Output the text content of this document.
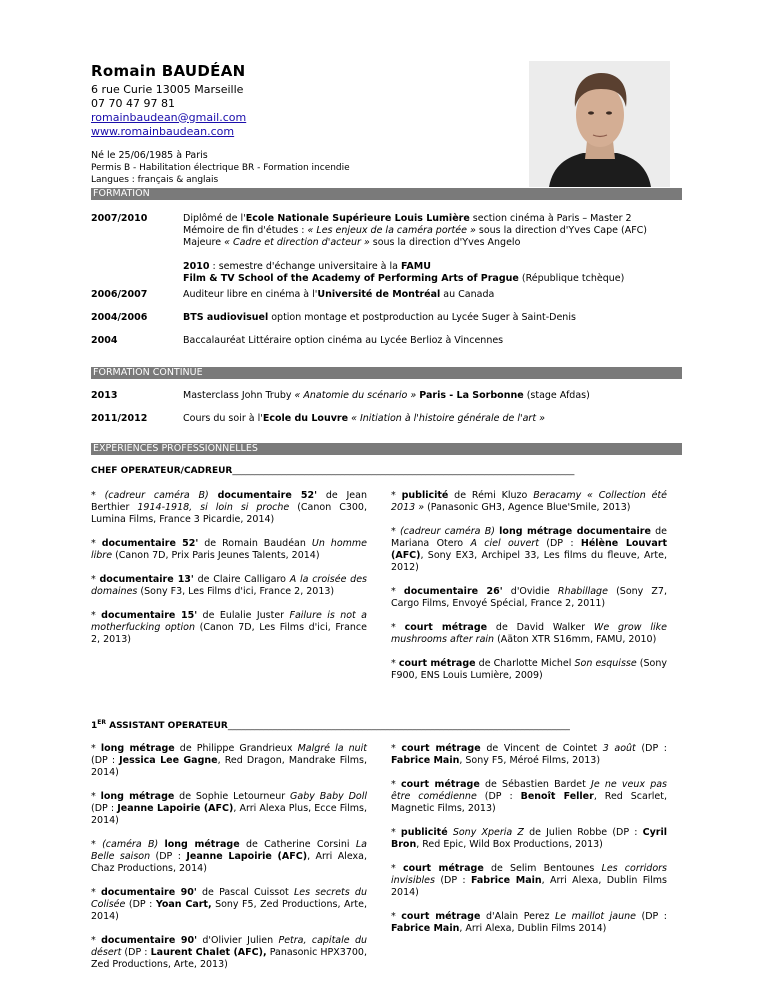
Romain BAUDÉAN
6 rue Curie 13005 Marseille
07 70 47 97 81
romainbaudean@gmail.com
www.romainbaudean.com
Né le 25/06/1985 à Paris
Permis B - Habilitation électrique BR - Formation incendie
Langues : français & anglais
FORMATION
2007/2010	Diplômé de l'Ecole Nationale Supérieure Louis Lumière section cinéma à Paris – Master 2
Mémoire de fin d'études : « Les enjeux de la caméra portée » sous la direction d'Yves Cape (AFC)
Majeure « Cadre et direction d'acteur » sous la direction d'Yves Angelo

2010 : semestre d'échange universitaire à la FAMU
Film & TV School of the Academy of Performing Arts of Prague (République tchèque)
2006/2007	Auditeur libre en cinéma à l'Université de Montréal au Canada
2004/2006	BTS audiovisuel option montage et postproduction au Lycée Suger à Saint-Denis
2004	Baccalauréat Littéraire option cinéma au Lycée Berlioz à Vincennes
FORMATION CONTINUE
2013	Masterclass John Truby « Anatomie du scénario » Paris - La Sorbonne (stage Afdas)
2011/2012	Cours du soir à l'Ecole du Louvre « Initiation à l'histoire générale de l'art »
EXPÉRIENCES PROFESSIONNELLES
CHEF OPERATEUR/CADREUR____________________________________________________________________________
* (cadreur caméra B) documentaire 52' de Jean Berthier 1914-1918, si loin si proche (Canon C300, Lumina Films, France 3 Picardie, 2014)
* documentaire 52' de Romain Baudéan Un homme libre (Canon 7D, Prix Paris Jeunes Talents, 2014)
* documentaire 13' de Claire Calligaro A la croisée des domaines (Sony F3, Les Films d'ici, France 2, 2013)
* documentaire 15' de Eulalie Juster Failure is not a motherfucking option (Canon 7D, Les Films d'ici, France 2, 2013)
* publicité de Rémi Kluzo Beracamy « Collection été 2013 » (Panasonic GH3, Agence Blue'Smile, 2013)
* (cadreur caméra B) long métrage documentaire de Mariana Otero A ciel ouvert (DP : Hélène Louvart (AFC), Sony EX3, Archipel 33, Les films du fleuve, Arte, 2012)
* documentaire 26' d'Ovidie Rhabillage (Sony Z7, Cargo Films, Envoyé Spécial, France 2, 2011)
* court métrage de David Walker We grow like mushrooms after rain (Aäton XTR S16mm, FAMU, 2010)
* court métrage de Charlotte Michel Son esquisse (Sony F900, ENS Louis Lumière, 2009)
1ER ASSISTANT OPERATEUR____________________________________________________________________________
* long métrage de Philippe Grandrieux Malgré la nuit (DP : Jessica Lee Gagne, Red Dragon, Mandrake Films, 2014)
* long métrage de Sophie Letourneur Gaby Baby Doll (DP : Jeanne Lapoirie (AFC), Arri Alexa Plus, Ecce Films, 2014)
* (caméra B) long métrage de Catherine Corsini La Belle saison (DP : Jeanne Lapoirie (AFC), Arri Alexa, Chaz Productions, 2014)
* documentaire 90' de Pascal Cuissot Les secrets du Colisée (DP : Yoan Cart, Sony F5, Zed Productions, Arte, 2014)
* documentaire 90' d'Olivier Julien Petra, capitale du désert (DP : Laurent Chalet (AFC), Panasonic HPX3700, Zed Productions, Arte, 2013)
* court métrage de Vincent de Cointet 3 août (DP : Fabrice Main, Sony F5, Méroé Films, 2013)
* court métrage de Sébastien Bardet Je ne veux pas être comédienne (DP : Benoît Feller, Red Scarlet, Magnetic Films, 2013)
* publicité Sony Xperia Z de Julien Robbe (DP : Cyril Bron, Red Epic, Wild Box Productions, 2013)
* court métrage de Selim Bentounes Les corridors invisibles (DP : Fabrice Main, Arri Alexa, Dublin Films 2014)
* court métrage d'Alain Perez Le maillot jaune (DP : Fabrice Main, Arri Alexa, Dublin Films 2014)
